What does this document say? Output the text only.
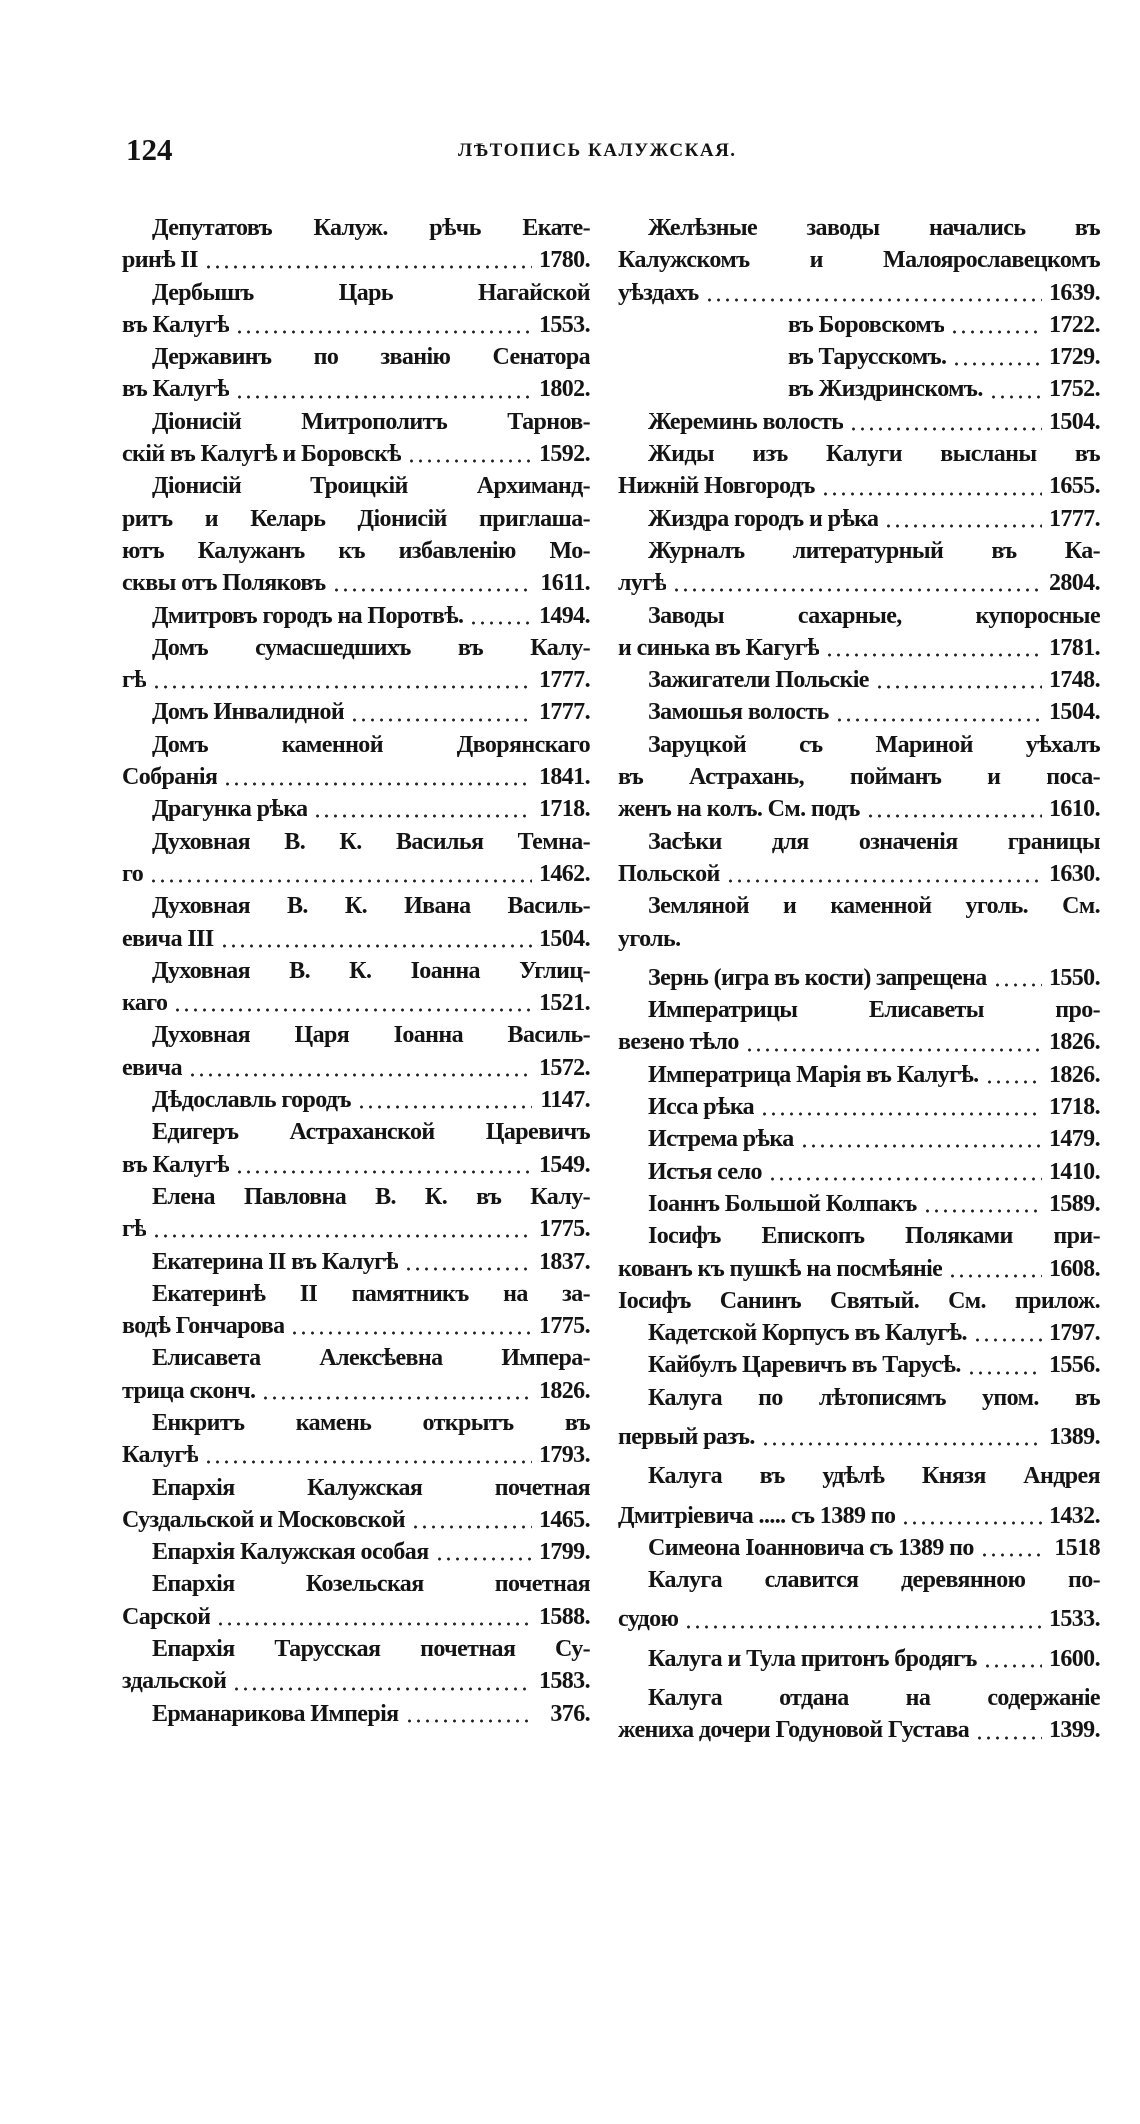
124	ЛѢТОПИСЬ КАЛУЖСКАЯ.
Депутатовъ Калуж. рѣчь Екате-
ринѣ II	1780.
Дербышъ Царь Нагайской
въ Калугѣ	1553.
Державинъ по званію Сенатора
въ Калугѣ	1802.
Діонисій Митрополитъ Тарнов-
скій въ Калугѣ и Боровскѣ	1592.
Діонисій Троицкій Архиманд-
ритъ и Келарь Діонисій приглаша-
ютъ Калужанъ къ избавленію Мо-
сквы отъ Поляковъ	1611.
Дмитровъ городъ на Поротвѣ.	1494.
Домъ сумасшедшихъ въ Калу-
гѣ	1777.
Домъ Инвалидной	1777.
Домъ каменной Дворянскаго
Собранія	1841.
Драгунка рѣка	1718.
Духовная В. К. Василья Темна-
го	1462.
Духовная В. К. Ивана Василь-
евича III	1504.
Духовная В. К. Іоанна Углиц-
каго	1521.
Духовная Царя Іоанна Василь-
евича	1572.
Дѣдославль городъ	1147.
Едигеръ Астраханской Царевичъ
въ Калугѣ	1549.
Елена Павловна В. К. въ Калу-
гѣ	1775.
Екатерина II въ Калугѣ	1837.
Екатеринѣ II памятникъ на за-
водѣ Гончарова	1775.
Елисавета Алексѣевна Импера-
трица сконч.	1826.
Енкритъ камень открытъ въ
Калугѣ	1793.
Епархія Калужская почетная
Суздальской и Московской	1465.
Епархія Калужская особая	1799.
Епархія Козельская почетная
Сарской	1588.
Епархія Тарусская почетная Су-
здальской	1583.
Ерманарикова Имперія	376.
Желѣзные заводы начались въ
Калужскомъ и Малоярославецкомъ
уѣздахъ	1639.
въ Боровскомъ	1722.
въ Тарусскомъ.	1729.
въ Жиздринскомъ.	1752.
Жереминь волость	1504.
Жиды изъ Калуги высланы въ
Нижній Новгородъ	1655.
Жиздра городъ и рѣка	1777.
Журналъ литературный въ Ка-
лугѣ	2804.
Заводы сахарные, купоросные
и синька въ Кагугѣ	1781.
Зажигатели Польскіе	1748.
Замошья волость	1504.
Заруцкой съ Мариной уѣхалъ
въ Астрахань, пойманъ и поса-
женъ на колъ. См. подъ	1610.
Засѣки для означенія границы
Польской	1630.
Земляной и каменной уголь. См.
уголь.
Зернь (игра въ кости) запрещена	1550.
Императрицы Елисаветы про-
везено тѣло	1826.
Императрица Марія въ Калугѣ.	1826.
Исса рѣка	1718.
Истрема рѣка	1479.
Истья село	1410.
Іоаннъ Большой Колпакъ	1589.
Іосифъ Епископъ Поляками при-
кованъ къ пушкѣ на посмѣяніе	1608.
Іосифъ Санинъ Святый. См. прилож.
Кадетской Корпусъ въ Калугѣ.	1797.
Кайбулъ Царевичъ въ Тарусѣ.	1556.
Калуга по лѣтописямъ упом. въ
первый разъ.	1389.
Калуга въ удѣлѣ Князя Андрея
Дмитріевича ..... съ 1389 по	1432.
Симеона Іоанновича съ 1389 по	1518
Калуга славится деревянною по-
судою	1533.
Калуга и Тула притонъ бродягъ	1600.
Калуга отдана на содержаніе
жениха дочери Годуновой Густава	1399.
